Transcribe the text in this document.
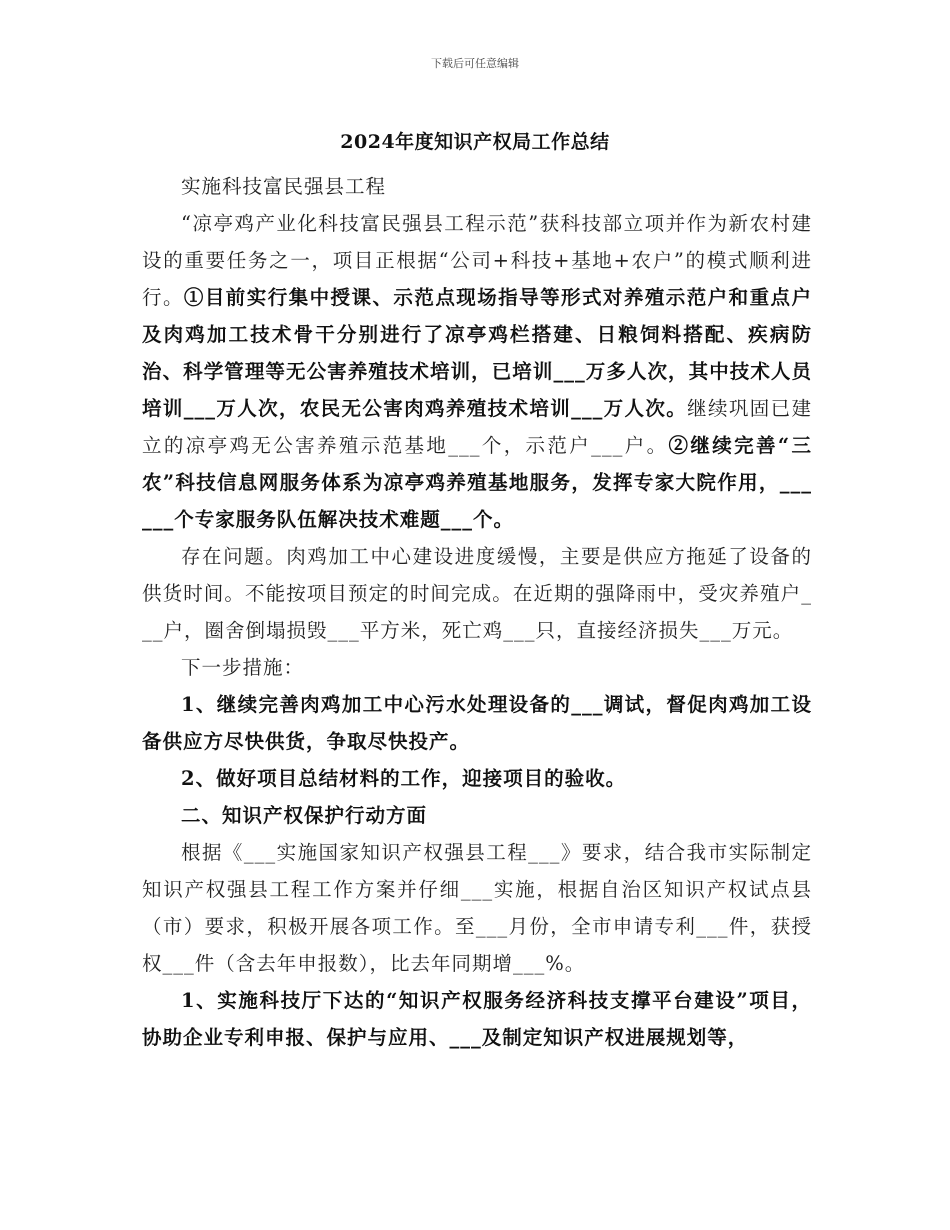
下载后可任意编辑
2024年度知识产权局工作总结

实施科技富民强县工程

“凉亭鸡产业化科技富民强县工程示范”获科技部立项并作为新农村建设的重要任务之一，项目正根据“公司+科技+基地+农户”的模式顺利进行。①目前实行集中授课、示范点现场指导等形式对养殖示范户和重点户及肉鸡加工技术骨干分别进行了凉亭鸡栏搭建、日粮饲料搭配、疾病防治、科学管理等无公害养殖技术培训，已培训___万多人次，其中技术人员培训___万人次，农民无公害肉鸡养殖技术培训___万人次。继续巩固已建立的凉亭鸡无公害养殖示范基地___个，示范户___户。②继续完善“三农”科技信息网服务体系为凉亭鸡养殖基地服务，发挥专家大院作用，______个专家服务队伍解决技术难题___个。

存在问题。肉鸡加工中心建设进度缓慢，主要是供应方拖延了设备的供货时间。不能按项目预定的时间完成。在近期的强降雨中，受灾养殖户___户，圈舍倒塌损毁___平方米，死亡鸡___只，直接经济损失___万元。

下一步措施：

1、继续完善肉鸡加工中心污水处理设备的___调试，督促肉鸡加工设备供应方尽快供货，争取尽快投产。

2、做好项目总结材料的工作，迎接项目的验收。

二、知识产权保护行动方面

根据《___实施国家知识产权强县工程___》要求，结合我市实际制定知识产权强县工程工作方案并仔细___实施，根据自治区知识产权试点县（市）要求，积极开展各项工作。至___月份，全市申请专利___件，获授权___件（含去年申报数），比去年同期增___%。

1、实施科技厅下达的“知识产权服务经济科技支撑平台建设”项目，协助企业专利申报、保护与应用、___及制定知识产权进展规划等，
